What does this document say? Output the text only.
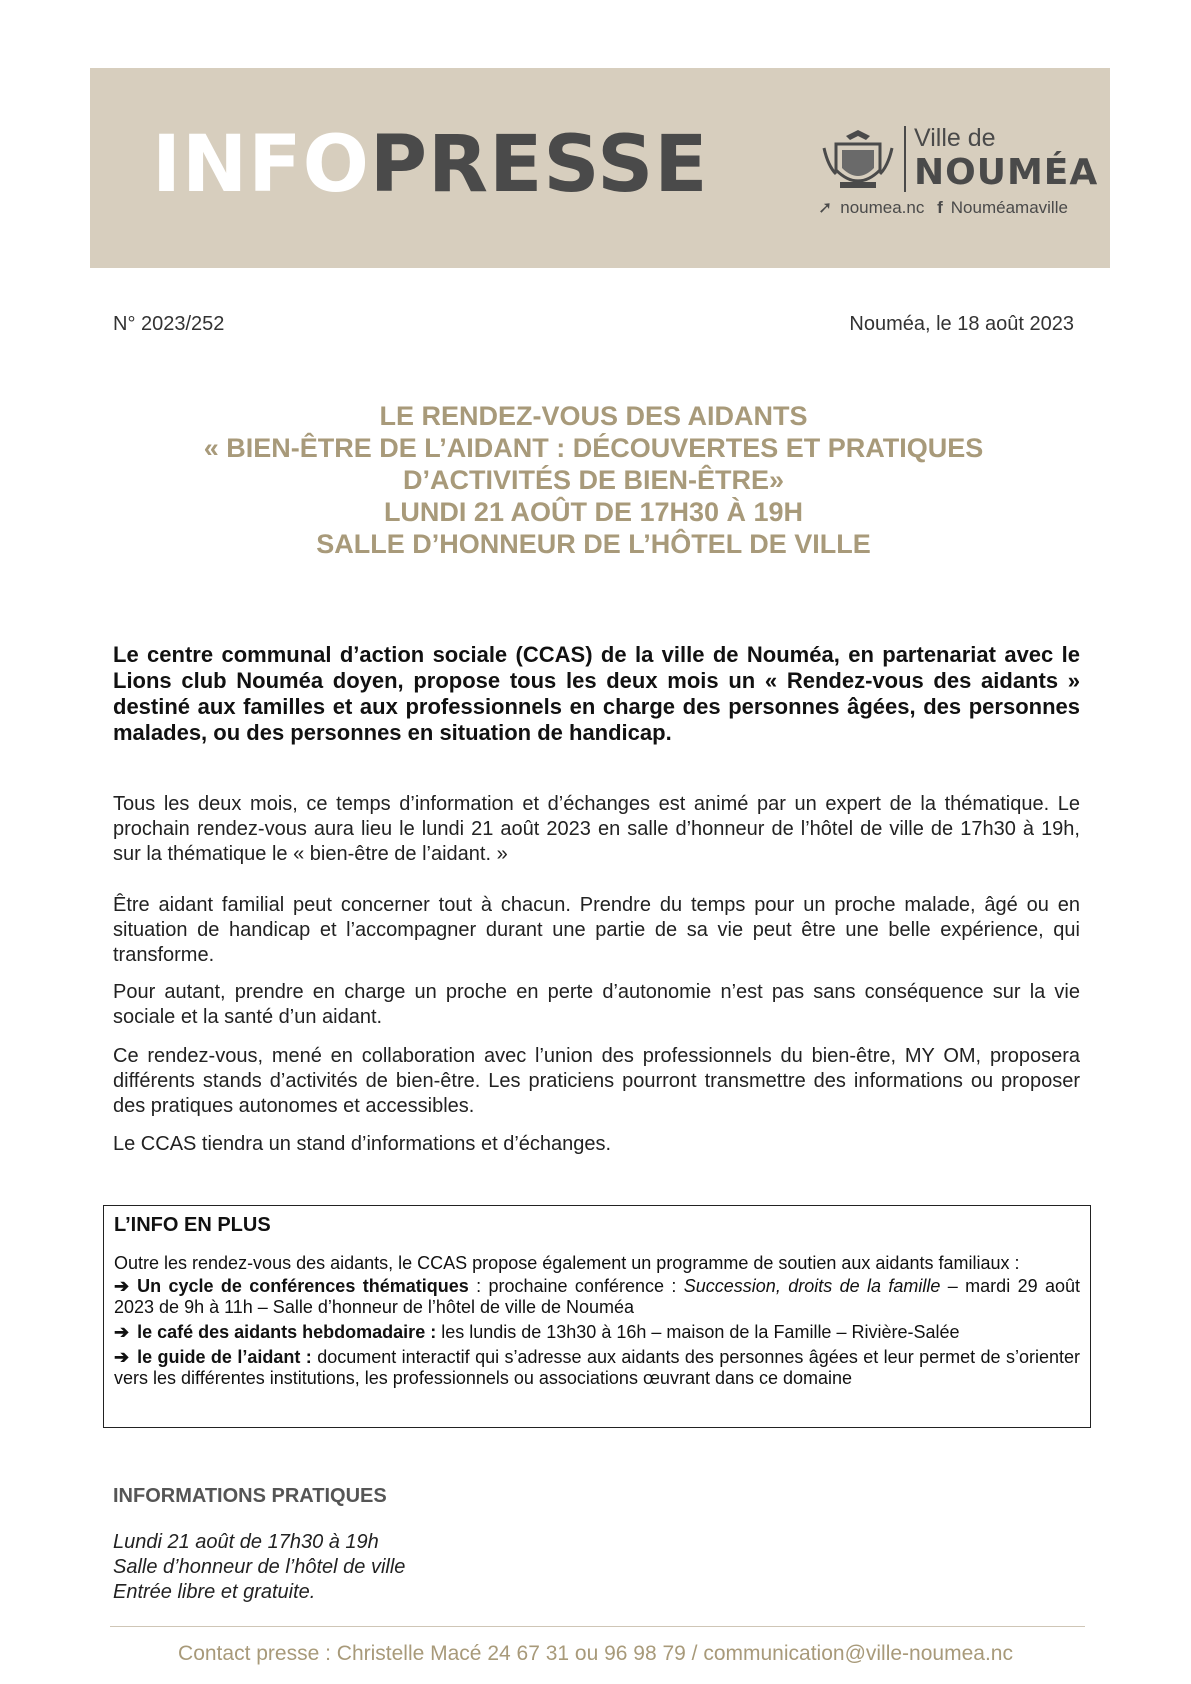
INFOPRESSE	Ville de
NOUMÉA
➚ noumea.nc f Nouméamaville
N° 2023/252	Nouméa, le 18 août 2023
LE RENDEZ-VOUS DES AIDANTS
« BIEN-ÊTRE DE L’AIDANT : DÉCOUVERTES ET PRATIQUES
D’ACTIVITÉS DE BIEN-ÊTRE»
LUNDI 21 AOÛT DE 17H30 À 19H
SALLE D’HONNEUR DE L’HÔTEL DE VILLE
Le centre communal d’action sociale (CCAS) de la ville de Nouméa, en partenariat avec le Lions club Nouméa doyen, propose tous les deux mois un « Rendez-vous des aidants » destiné aux familles et aux professionnels en charge des personnes âgées, des personnes malades, ou des personnes en situation de handicap.
Tous les deux mois, ce temps d’information et d’échanges est animé par un expert de la thématique. Le prochain rendez-vous aura lieu le lundi 21 août 2023 en salle d’honneur de l’hôtel de ville de 17h30 à 19h, sur la thématique le « bien-être de l’aidant. »
Être aidant familial peut concerner tout à chacun. Prendre du temps pour un proche malade, âgé ou en situation de handicap et l’accompagner durant une partie de sa vie peut être une belle expérience, qui transforme.
Pour autant, prendre en charge un proche en perte d’autonomie n’est pas sans conséquence sur la vie sociale et la santé d’un aidant.
Ce rendez-vous, mené en collaboration avec l’union des professionnels du bien-être, MY OM, proposera différents stands d’activités de bien-être. Les praticiens pourront transmettre des informations ou proposer des pratiques autonomes et accessibles.
Le CCAS tiendra un stand d’informations et d’échanges.
L’INFO EN PLUS
Outre les rendez-vous des aidants, le CCAS propose également un programme de soutien aux aidants familiaux :
➔ Un cycle de conférences thématiques : prochaine conférence : Succession, droits de la famille – mardi 29 août 2023 de 9h à 11h – Salle d’honneur de l’hôtel de ville de Nouméa
➔ le café des aidants hebdomadaire : les lundis de 13h30 à 16h – maison de la Famille – Rivière-Salée
➔ le guide de l’aidant : document interactif qui s’adresse aux aidants des personnes âgées et leur permet de s’orienter vers les différentes institutions, les professionnels ou associations œuvrant dans ce domaine
INFORMATIONS PRATIQUES
Lundi 21 août de 17h30 à 19h
Salle d’honneur de l’hôtel de ville
Entrée libre et gratuite.
Contact presse : Christelle Macé 24 67 31 ou 96 98 79 / communication@ville-noumea.nc
